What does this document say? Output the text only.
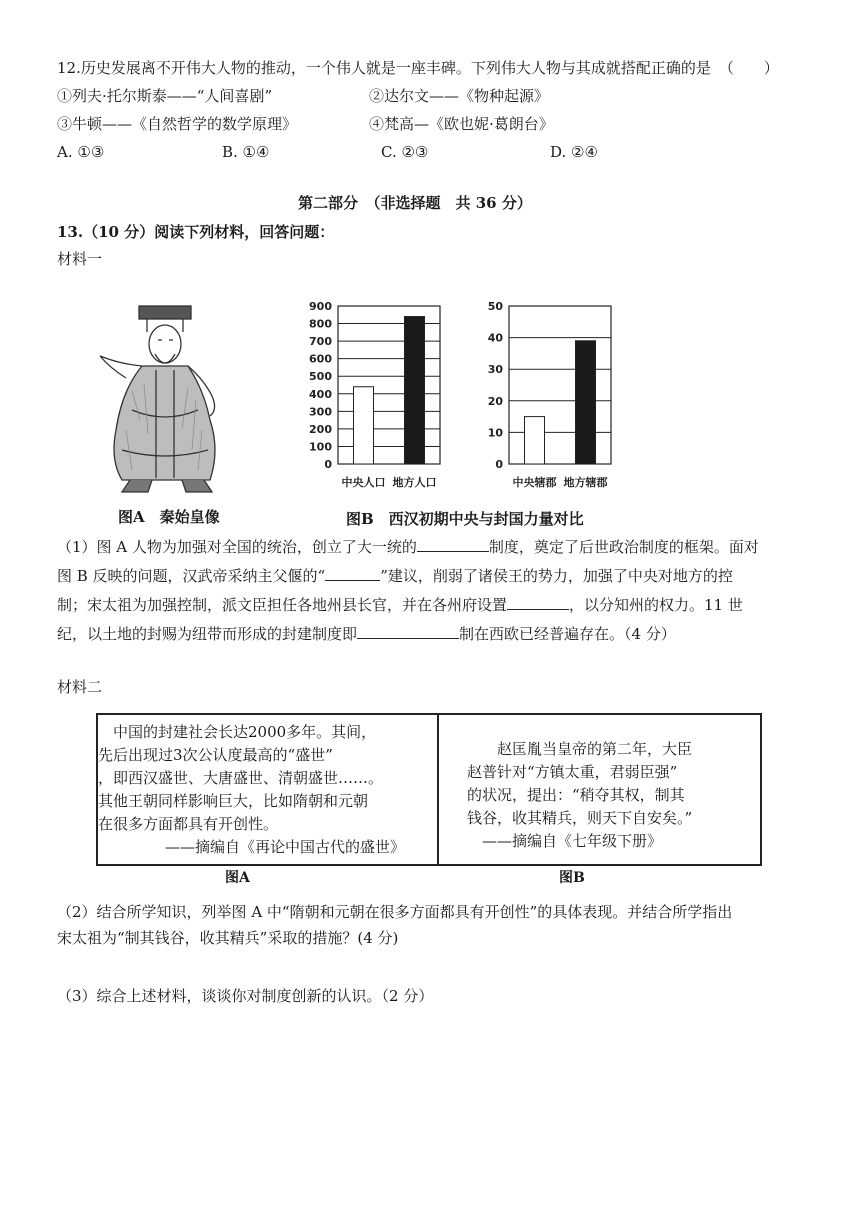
12.历史发展离不开伟大人物的推动，一个伟人就是一座丰碑。下列伟大人物与其成就搭配正确的是 （　　）
①列夫·托尔斯泰——“人间喜剧”	②达尔文——《物种起源》
③牛顿——《自然哲学的数学原理》	④梵高—《欧也妮·葛朗台》
A. ①③	B. ①④	C. ②③	D. ②④
第二部分　（非选择题　共 36 分）
13.（10 分）阅读下列材料，回答问题：
材料一
图A　秦始皇像
0
100
200
300
400
500
600
700
800
900
中央人口 地方人口
0
10
20
30
40
50
中央辖郡 地方辖郡
图B　西汉初期中央与封国力量对比
（1）图 A 人物为加强对全国的统治，创立了大一统的	制度，奠定了后世政治制度的框架。面对
图 B 反映的问题，汉武帝采纳主父偃的“	”建议，削弱了诸侯王的势力，加强了中央对地方的控
制；宋太祖为加强控制，派文臣担任各地州县长官，并在各州府设置	，以分知州的权力。11 世
纪，以土地的封赐为纽带而形成的封建制度即	制在西欧已经普遍存在。（4 分）
材料二
中国的封建社会长达2000多年。其间，
先后出现过3次公认度最高的“盛世”
，即西汉盛世、大唐盛世、清朝盛世……。
其他王朝同样影响巨大，比如隋朝和元朝
在很多方面都具有开创性。
——摘编自《再论中国古代的盛世》
赵匡胤当皇帝的第二年，大臣
赵普针对“方镇太重，君弱臣强”
的状况，提出：“稍夺其权，制其
钱谷，收其精兵，则天下自安矣。”
——摘编自《七年级下册》
图A	图B
（2）结合所学知识，列举图 A 中“隋朝和元朝在很多方面都具有开创性”的具体表现。并结合所学指出
宋太祖为“制其钱谷，收其精兵”采取的措施？(4 分)
（3）综合上述材料，谈谈你对制度创新的认识。（2 分）
